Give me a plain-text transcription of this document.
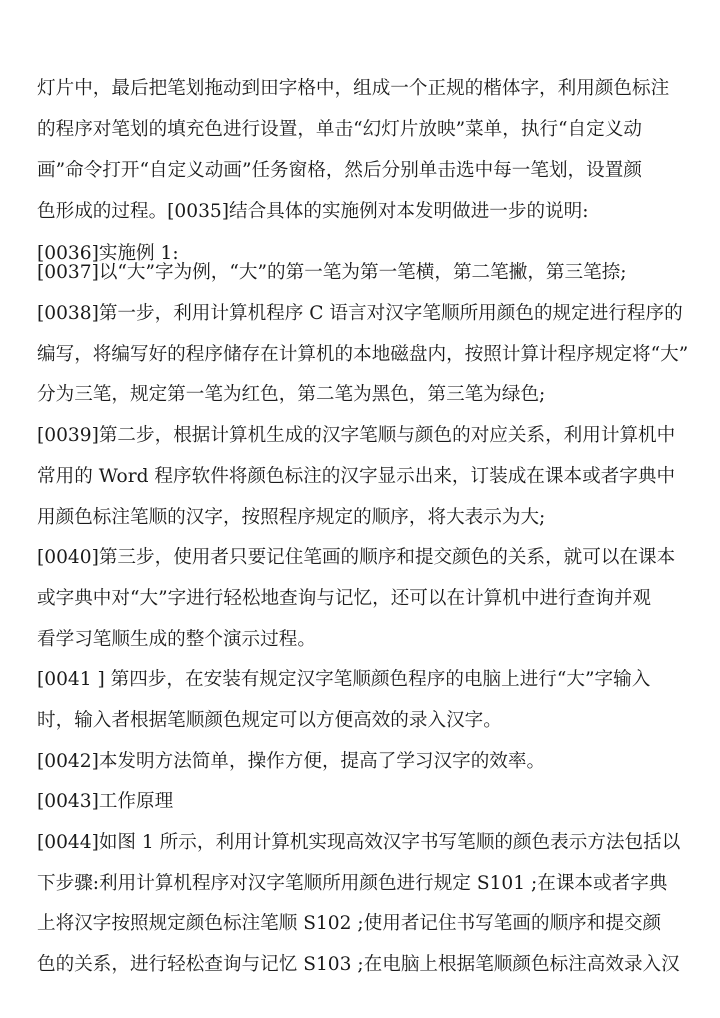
灯片中，最后把笔划拖动到田字格中，组成一个正规的楷体字，利用颜色标注
的程序对笔划的填充色进行设置，单击“幻灯片放映”菜单，执行“自定义动
画”命令打开“自定义动画”任务窗格，然后分别单击选中每一笔划，设置颜
色形成的过程。[0035]结合具体的实施例对本发明做进一步的说明:
[0036]实施例 1:
[0037]以“大”字为例，“大”的第一笔为第一笔横，第二笔撇，第三笔捺;
[0038]第一步，利用计算机程序 C 语言对汉字笔顺所用颜色的规定进行程序的
编写，将编写好的程序储存在计算机的本地磁盘内，按照计算计程序规定将“大”
分为三笔，规定第一笔为红色，第二笔为黑色，第三笔为绿色;
[0039]第二步，根据计算机生成的汉字笔顺与颜色的对应关系，利用计算机中
常用的 Word 程序软件将颜色标注的汉字显示出来，订装成在课本或者字典中
用颜色标注笔顺的汉字，按照程序规定的顺序，将大表示为大;
[0040]第三步，使用者只要记住笔画的顺序和提交颜色的关系，就可以在课本
或字典中对“大”字进行轻松地查询与记忆，还可以在计算机中进行查询并观
看学习笔顺生成的整个演示过程。
[0041 ] 第四步，在安装有规定汉字笔顺颜色程序的电脑上进行“大”字输入
时，输入者根据笔顺颜色规定可以方便高效的录入汉字。
[0042]本发明方法简单，操作方便，提高了学习汉字的效率。
[0043]工作原理
[0044]如图 1 所示，利用计算机实现高效汉字书写笔顺的颜色表示方法包括以
下步骤:利用计算机程序对汉字笔顺所用颜色进行规定 S101 ;在课本或者字典
上将汉字按照规定颜色标注笔顺 S102 ;使用者记住书写笔画的顺序和提交颜
色的关系，进行轻松查询与记忆 S103 ;在电脑上根据笔顺颜色标注高效录入汉
